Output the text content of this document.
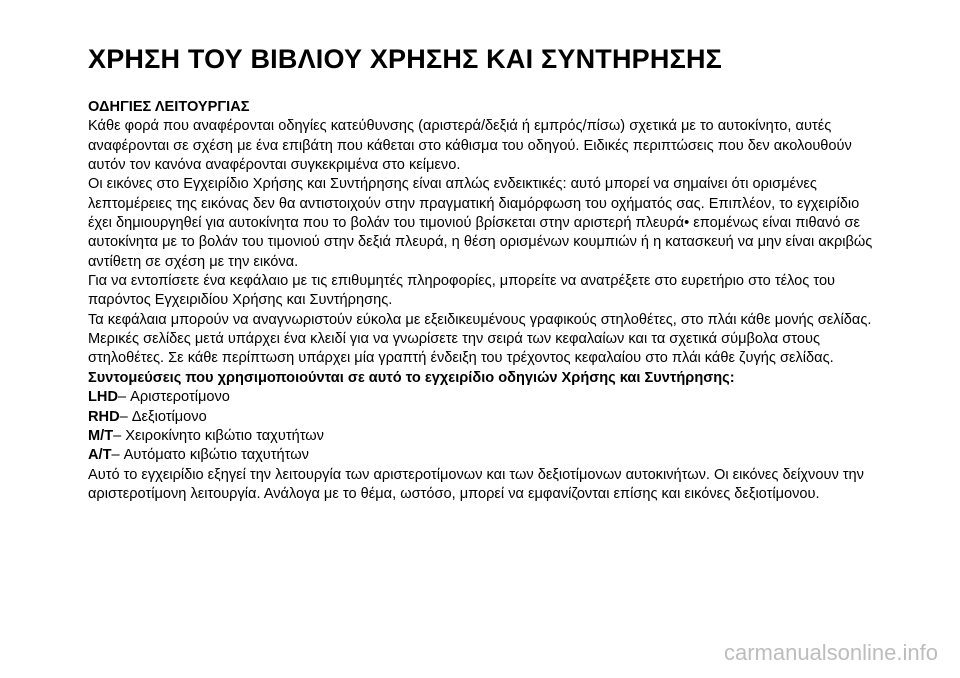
ΧΡΗΣΗ ΤΟΥ ΒΙΒΛΙΟΥ ΧΡΗΣΗΣ ΚΑΙ ΣΥΝΤΗΡΗΣΗΣ

ΟΔΗΓΙΕΣ ΛΕΙΤΟΥΡΓΙΑΣ

Κάθε φορά που αναφέρονται οδηγίες κατεύθυνσης (αριστερά/δεξιά ή εμπρός/πίσω) σχετικά με το αυτοκίνητο, αυτές
αναφέρονται σε σχέση με ένα επιβάτη που κάθεται στο κάθισμα του οδηγού. Ειδικές περιπτώσεις που δεν ακολουθούν
αυτόν τον κανόνα αναφέρονται συγκεκριμένα στο κείμενο.

Οι εικόνες στο Εγχειρίδιο Χρήσης και Συντήρησης είναι απλώς ενδεικτικές: αυτό μπορεί να σημαίνει ότι ορισμένες
λεπτομέρειες της εικόνας δεν θα αντιστοιχούν στην πραγματική διαμόρφωση του οχήματός σας. Επιπλέον, το εγχειρίδιο
έχει δημιουργηθεί για αυτοκίνητα που το βολάν του τιμονιού βρίσκεται στην αριστερή πλευρά• επομένως είναι πιθανό σε
αυτοκίνητα με το βολάν του τιμονιού στην δεξιά πλευρά, η θέση ορισμένων κουμπιών ή η κατασκευή να μην είναι ακριβώς
αντίθετη σε σχέση με την εικόνα.

Για να εντοπίσετε ένα κεφάλαιο με τις επιθυμητές πληροφορίες, μπορείτε να ανατρέξετε στο ευρετήριο στο τέλος του
παρόντος Εγχειριδίου Χρήσης και Συντήρησης.

Τα κεφάλαια μπορούν να αναγνωριστούν εύκολα με εξειδικευμένους γραφικούς στηλοθέτες, στο πλάι κάθε μονής σελίδας.
Μερικές σελίδες μετά υπάρχει ένα κλειδί για να γνωρίσετε την σειρά των κεφαλαίων και τα σχετικά σύμβολα στους
στηλοθέτες. Σε κάθε περίπτωση υπάρχει μία γραπτή ένδειξη του τρέχοντος κεφαλαίου στο πλάι κάθε ζυγής σελίδας.

Συντομεύσεις που χρησιμοποιούνται σε αυτό το εγχειρίδιο οδηγιών Χρήσης και Συντήρησης:

LHD– Αριστεροτίμονο

RHD– Δεξιοτίμονο

M/T– Χειροκίνητο κιβώτιο ταχυτήτων

A/T– Αυτόματο κιβώτιο ταχυτήτων

Αυτό το εγχειρίδιο εξηγεί την λειτουργία των αριστεροτίμονων και των δεξιοτίμονων αυτοκινήτων. Οι εικόνες δείχνουν την
αριστεροτίμονη λειτουργία. Ανάλογα με το θέμα, ωστόσο, μπορεί να εμφανίζονται επίσης και εικόνες δεξιοτίμονου.

carmanualsonline.info
